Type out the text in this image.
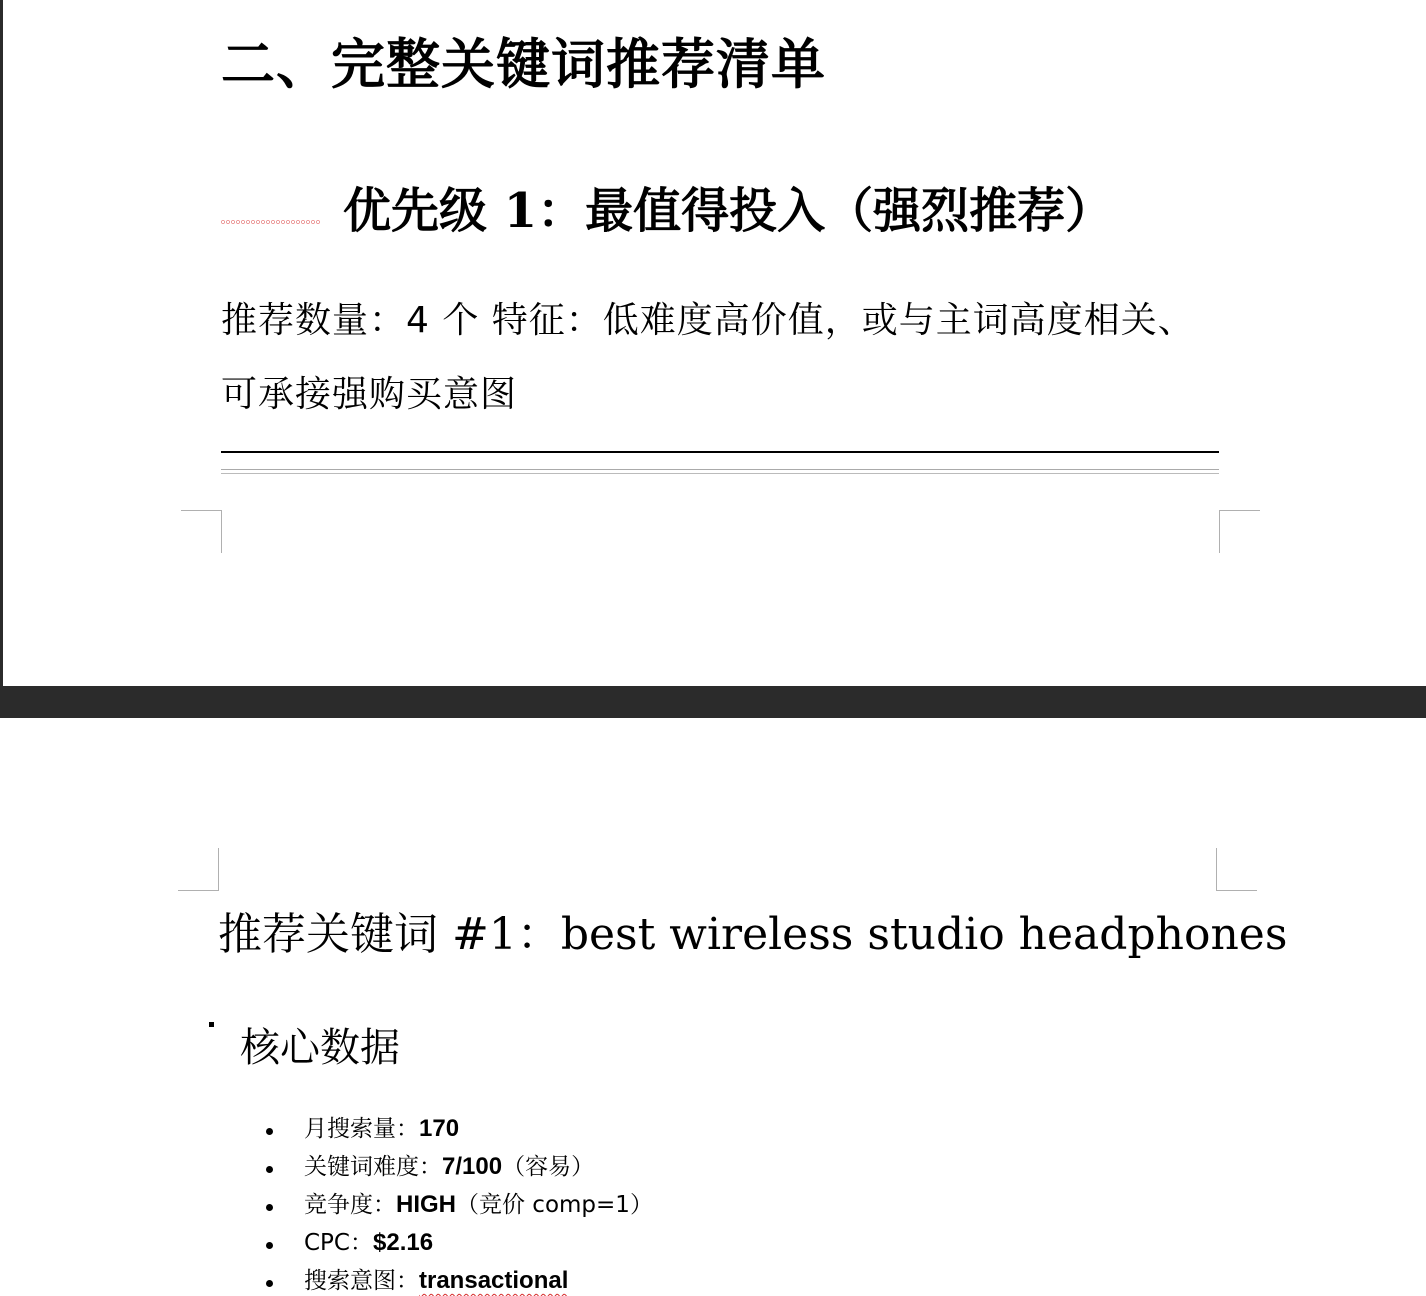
二、完整关键词推荐清单
优先级 1：最值得投入（强烈推荐）
推荐数量：4 个 特征：低难度高价值，或与主词高度相关、
可承接强购买意图
推荐关键词 #1：best wireless studio headphones
核心数据
月搜索量：170
关键词难度：7/100（容易）
竞争度：HIGH（竞价 comp=1）
CPC：$2.16
搜索意图：transactional
